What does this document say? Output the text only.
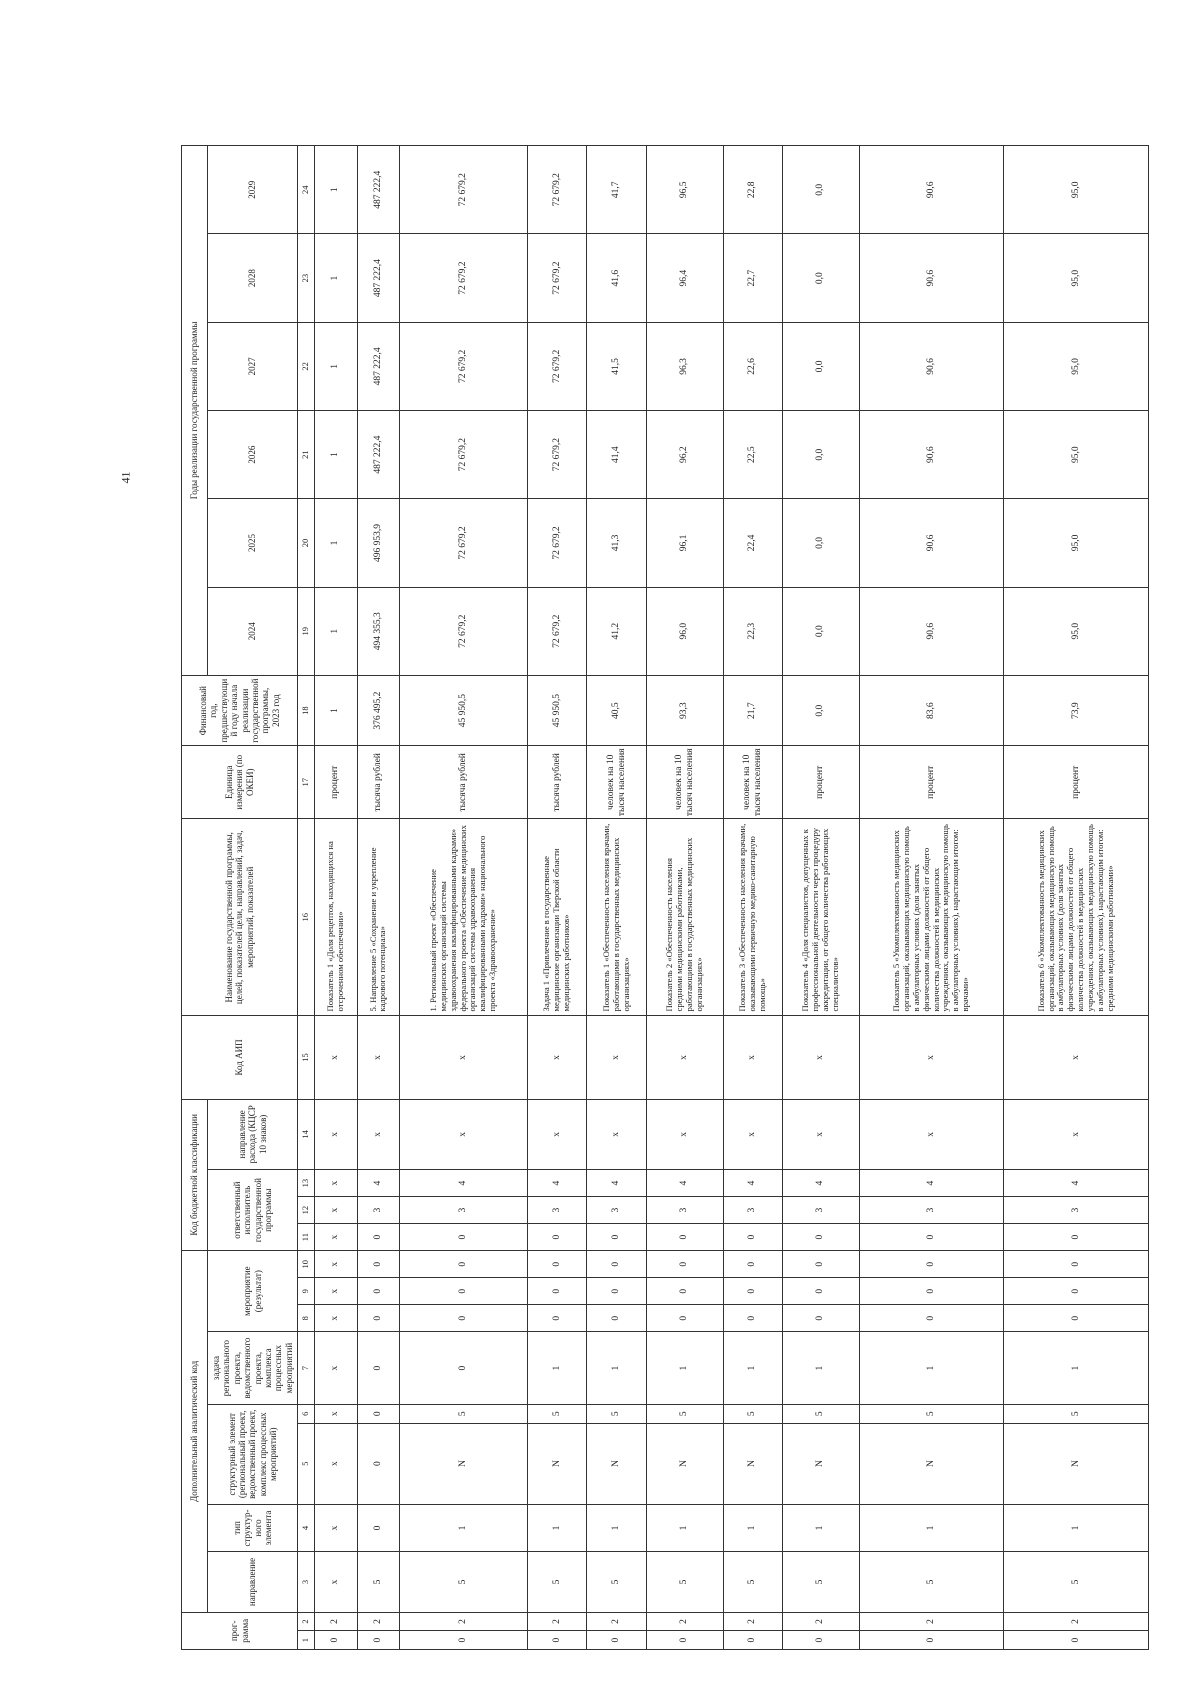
41
прог-рамма		Дополнительный аналитический код								Код бюджетной классификации				Код АИП	Наименование государственной программы, целей, показателей цели, направлений, задач, мероприятий, показателей	Единица измерения (по ОКЕИ)	Финансовый год, предшествующий году начала реализации государственной программы, 2023 год	Годы реализации государственной программы					
		направление	тип структур-ного элемента	структурный элемент (региональный проект, ведомственный проект, комплекс процессных мероприятий)		задача регионального проекта, ведомственного проекта, комплекса процессных мероприятий	мероприятие (результат)			ответственный исполнитель государственной программы			направление расхода (КЦСР 10 знаков)					2024	2025	2026	2027	2028	2029

1	2	3	4	5	6	7	8	9	10	11	12	13	14	15	16	17	18	19	20	21	22	23	24
0	2	х	х	х	х	х	х	х	х	х	х	х	х	х	Показатель 1 «Доля рецептов, находящихся на отсроченном обеспечении»	процент	1	1	1	1	1	1	1
0	2	5	0	0	0	0	0	0	0	0	3	4	х	х	5. Направление 5 «Сохранение и укрепление кадрового потенциала»	тысяча рублей	376 495,2	494 355,3	496 953,9	487 222,4	487 222,4	487 222,4	487 222,4
0	2	5	1	N	5	0	0	0	0	0	3	4	х	х	1. Региональный проект «Обеспечение медицинских организаций системы здравоохранения квалифицированными кадрами» федерального проекта «Обеспечение медицинских организаций системы здравоохранения квалифицированными кадрами» национального проекта «Здравоохранение»	тысяча рублей	45 950,5	72 679,2	72 679,2	72 679,2	72 679,2	72 679,2	72 679,2
0	2	5	1	N	5	1	0	0	0	0	3	4	х	х	Задача 1 «Привлечение в государственные медицинские организации Тверской области медицинских работников»	тысяча рублей	45 950,5	72 679,2	72 679,2	72 679,2	72 679,2	72 679,2	72 679,2
0	2	5	1	N	5	1	0	0	0	0	3	4	х	х	Показатель 1 «Обеспеченность населения врачами, работающими в государственных медицинских организациях»	человек на 10 тысяч населения	40,5	41,2	41,3	41,4	41,5	41,6	41,7
0	2	5	1	N	5	1	0	0	0	0	3	4	х	х	Показатель 2 «Обеспеченность населения средними медицинскими работниками, работающими в государственных медицинских организациях»	человек на 10 тысяч населения	93,3	96,0	96,1	96,2	96,3	96,4	96,5
0	2	5	1	N	5	1	0	0	0	0	3	4	х	х	Показатель 3 «Обеспеченность населения врачами, оказывающими первичную медико-санитарную помощь»	человек на 10 тысяч населения	21,7	22,3	22,4	22,5	22,6	22,7	22,8
0	2	5	1	N	5	1	0	0	0	0	3	4	х	х	Показатель 4 «Доля специалистов, допущенных к профессиональной деятельности через процедуру аккредитации, от общего количества работающих специалистов»	процент	0,0	0,0	0,0	0,0	0,0	0,0	0,0
0	2	5	1	N	5	1	0	0	0	0	3	4	х	х	Показатель 5 «Укомплектованность медицинских организаций, оказывающих медицинскую помощь в амбулаторных условиях (доля занятых физическими лицами должностей от общего количества должностей в медицинских учреждениях, оказывающих медицинскую помощь в амбулаторных условиях), нарастающим итогом: врачами»	процент	83,6	90,6	90,6	90,6	90,6	90,6	90,6
0	2	5	1	N	5	1	0	0	0	0	3	4	х	х	Показатель 6 «Укомплектованность медицинских организаций, оказывающих медицинскую помощь в амбулаторных условиях (доля занятых физическими лицами должностей от общего количества должностей в медицинских учреждениях, оказывающих медицинскую помощь в амбулаторных условиях), нарастающим итогом: средними медицинскими работниками»	процент	73,9	95,0	95,0	95,0	95,0	95,0	95,0
